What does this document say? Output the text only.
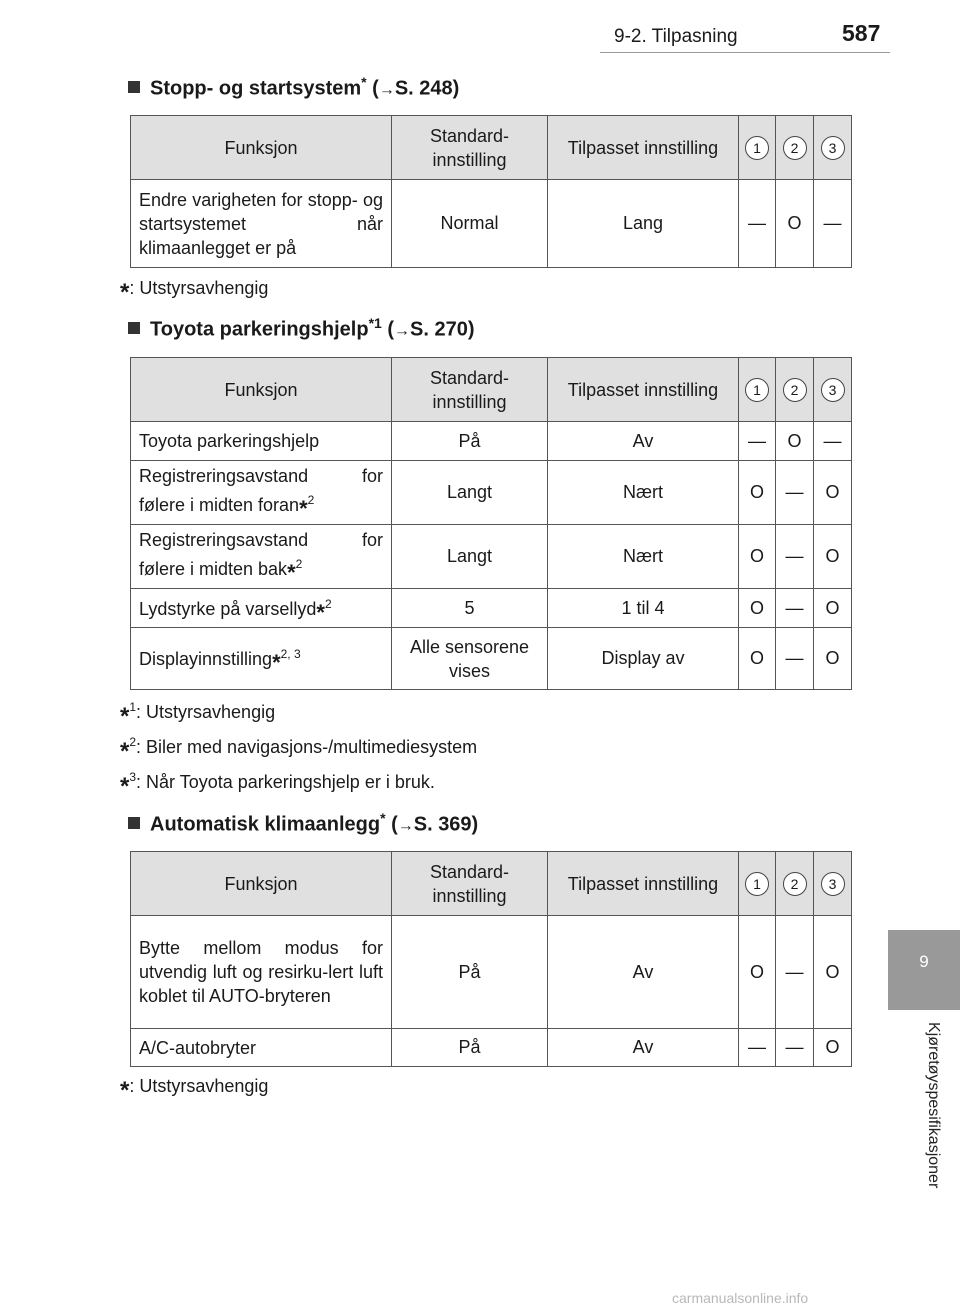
9-2. Tilpasning	587
9
Kjøretøyspesifikasjoner
Stopp- og startsystem* (→S. 248)
Funksjon	Standard-
innstilling	Tilpasset innstilling	1	2	3
Endre varigheten for stopp- og startsystemet når klimaanlegget er på	Normal	Lang	—	O	—
*: Utstyrsavhengig
Toyota parkeringshjelp$^{*1}$ (→S. 270)
Funksjon	Standard-
innstilling	Tilpasset innstilling	1	2	3
Toyota parkeringshjelp	På	Av	—	O	—
Registreringsavstand for følere i midten foran*$^2$	Langt	Nært	O	—	O
Registreringsavstand for følere i midten bak*$^2$	Langt	Nært	O	—	O
Lydstyrke på varsellyd*$^2$	5	1 til 4	O	—	O
Displayinnstilling*$^{2, 3}$	Alle sensorene vises	Display av	O	—	O
*$^1$: Utstyrsavhengig
*$^2$: Biler med navigasjons-/multimediesystem
*$^3$: Når Toyota parkeringshjelp er i bruk.
Automatisk klimaanlegg* (→S. 369)
Funksjon	Standard-
innstilling	Tilpasset innstilling	1	2	3
Bytte mellom modus for utvendig luft og resirku-lert luft koblet til AUTO-bryteren	På	Av	O	—	O
A/C-autobryter	På	Av	—	—	O
*: Utstyrsavhengig
carmanualsonline.info
